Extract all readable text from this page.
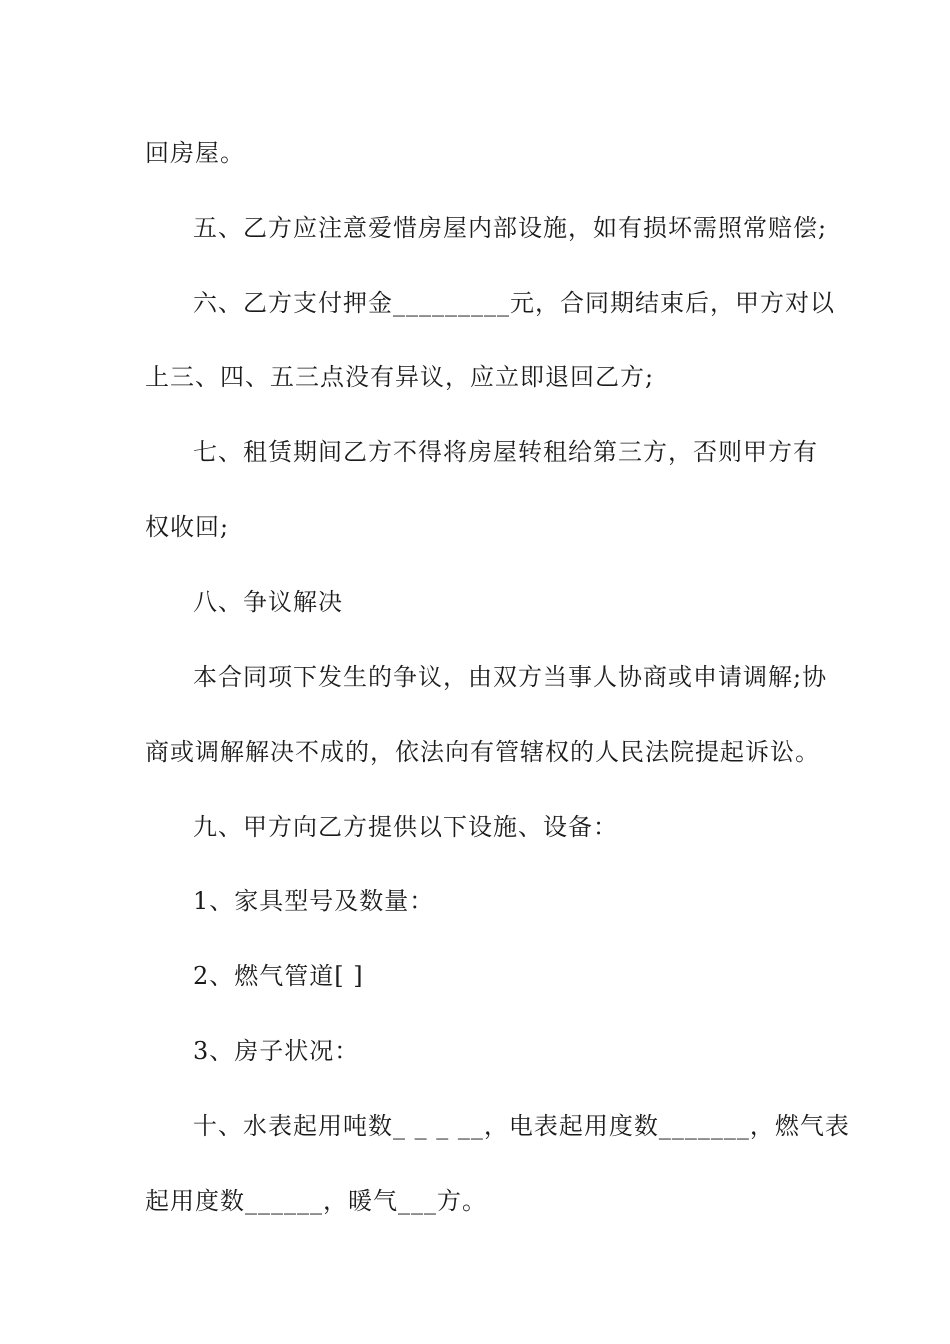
回房屋。
五、乙方应注意爱惜房屋内部设施，如有损坏需照常赔偿;
六、乙方支付押金_________元，合同期结束后，甲方对以
上三、四、五三点没有异议，应立即退回乙方;
七、租赁期间乙方不得将房屋转租给第三方，否则甲方有
权收回;
八、争议解决
本合同项下发生的争议，由双方当事人协商或申请调解;协
商或调解解决不成的，依法向有管辖权的人民法院提起诉讼。
九、甲方向乙方提供以下设施、设备：
1、家具型号及数量：
2、燃气管道[ ]
3、房子状况：
十、水表起用吨数_ _ _ __，电表起用度数_______，燃气表
起用度数______，暖气___方。
